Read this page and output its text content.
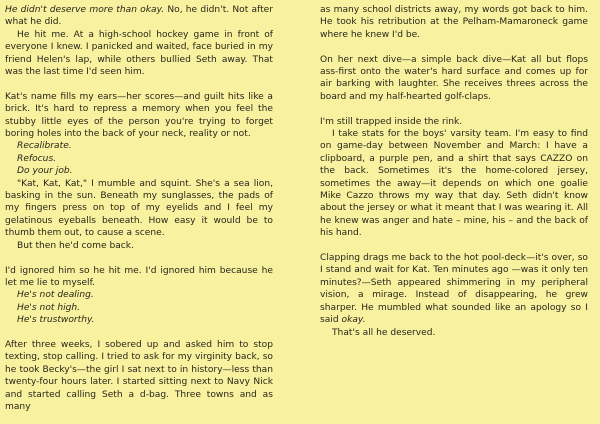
He didn't deserve more than okay. No, he didn't. Not after what he did.

He hit me. At a high-school hockey game in front of everyone I knew. I panicked and waited, face buried in my friend Helen's lap, while others bullied Seth away. That was the last time I'd seen him.

Kat's name fills my ears—her scores—and guilt hits like a brick. It's hard to repress a memory when you feel the stubby little eyes of the person you're trying to forget boring holes into the back of your neck, reality or not.

Recalibrate.
Refocus.
Do your job.

"Kat, Kat, Kat," I mumble and squint. She's a sea lion, basking in the sun. Beneath my sunglasses, the pads of my fingers press on top of my eyelids and I feel my gelatinous eyeballs beneath. How easy it would be to thumb them out, to cause a scene.

But then he'd come back.

I'd ignored him so he hit me. I'd ignored him because he let me lie to myself.

He's not dealing.
He's not high.
He's trustworthy.

After three weeks, I sobered up and asked him to stop texting, stop calling. I tried to ask for my virginity back, so he took Becky's—the girl I sat next to in history—less than twenty-four hours later. I started sitting next to Navy Nick and started calling Seth a d-bag. Three towns and as many

as many school districts away, my words got back to him. He took his retribution at the Pelham-Mamaroneck game where he knew I'd be.

On her next dive—a simple back dive—Kat all but flops ass-first onto the water's hard surface and comes up for air barking with laughter. She receives threes across the board and my half-hearted golf-claps.

I'm still trapped inside the rink.

I take stats for the boys' varsity team. I'm easy to find on game-day between November and March: I have a clipboard, a purple pen, and a shirt that says CAZZO on the back. Sometimes it's the home-colored jersey, sometimes the away—it depends on which one goalie Mike Cazzo throws my way that day. Seth didn't know about the jersey or what it meant that I was wearing it. All he knew was anger and hate – mine, his – and the back of his hand.

Clapping drags me back to the hot pool-deck—it's over, so I stand and wait for Kat. Ten minutes ago —was it only ten minutes?—Seth appeared shimmering in my peripheral vision, a mirage. Instead of disappearing, he grew sharper. He mumbled what sounded like an apology so I said okay.

That's all he deserved.
